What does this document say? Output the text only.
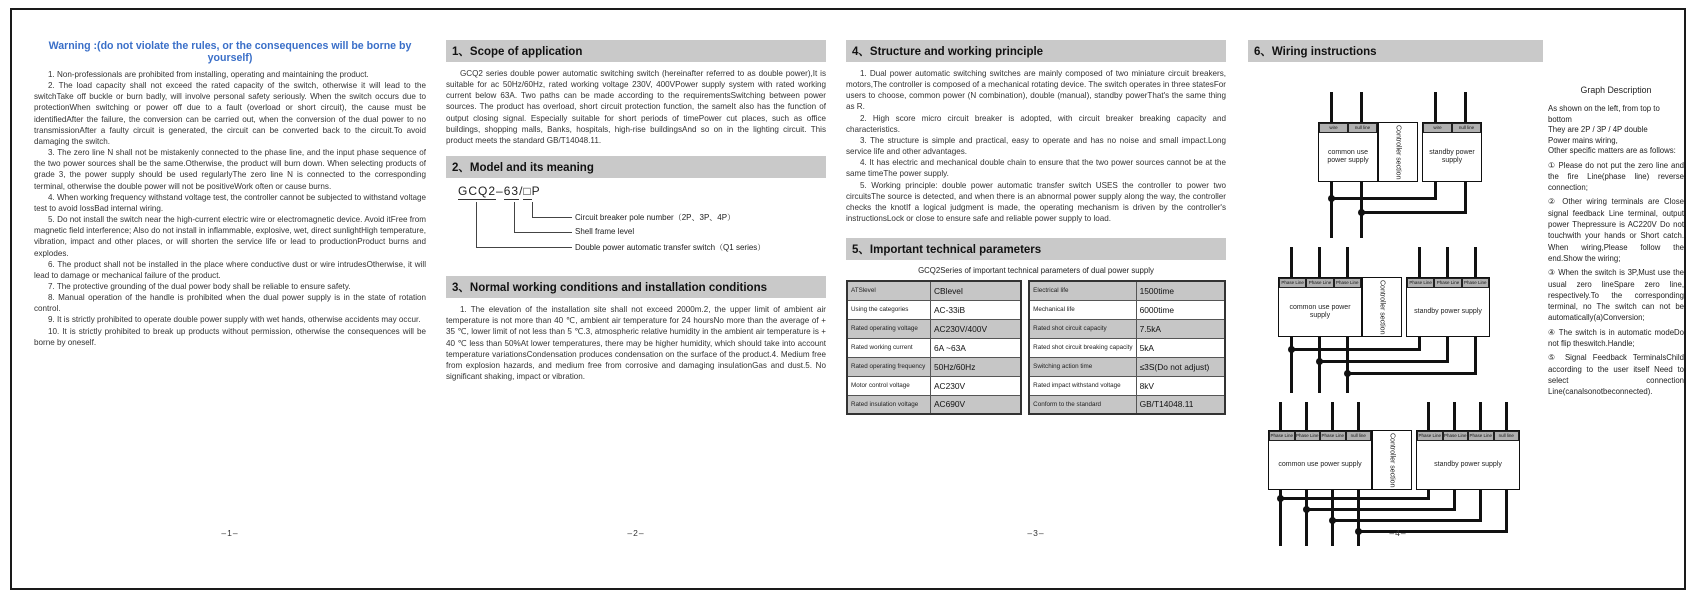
Warning :(do not violate the rules, or the consequences will be borne by yourself)

1. Non-professionals are prohibited from installing, operating and maintaining the product.

2. The load capacity shall not exceed the rated capacity of the switch, otherwise it will lead to the switchTake off buckle or burn badly, will involve personal safety seriously. When the switch occurs due to protectionWhen switching or power off due to a fault (overload or short circuit), the cause must be identifiedAfter the failure, the conversion can be carried out, when the conversion of the dual power to no transmissionAfter a faulty circuit is generated, the circuit can be converted back to the circuit.To avoid damaging the switch.

3. The zero line N shall not be mistakenly connected to the phase line, and the input phase sequence of the two power sources shall be the same.Otherwise, the product will burn down. When selecting products of grade 3, the power supply should be used regularlyThe zero line N is connected to the corresponding terminal, otherwise the double power will not be positiveWork often or cause burns.

4. When working frequency withstand voltage test, the controller cannot be subjected to withstand voltage test to avoid lossBad internal wiring.

5. Do not install the switch near the high-current electric wire or electromagnetic device. Avoid itFree from magnetic field interference; Also do not install in inflammable, explosive, wet, direct sunlightHigh temperature, vibration, impact and other places, or will shorten the service life or lead to productionProduct burns and explodes.

6. The product shall not be installed in the place where conductive dust or wire intrudesOtherwise, it will lead to damage or mechanical failure of the product.

7. The protective grounding of the dual power body shall be reliable to ensure safety.

8. Manual operation of the handle is prohibited when the dual power supply is in the state of rotation control.

9. It is strictly prohibited to operate double power supply with wet hands, otherwise accidents may occur.

10. It is strictly prohibited to break up products without permission, otherwise the consequences will be borne by oneself.

–1–
1、Scope of application

GCQ2 series double power automatic switching switch (hereinafter referred to as double power),It is suitable for ac 50Hz/60Hz, rated working voltage 230V, 400VPower supply system with rated working current below 63A. Two paths can be made according to the requirementsSwitching between power sources. The product has overload, short circuit protection function, the sameIt also has the function of output closing signal. Especially suitable for short periods of timePower cut places, such as office buildings, shopping malls, Banks, hospitals, high-rise buildingsAnd so on in the lighting circuit. This product meets the standard GB/T14048.11.

2、Model and its meaning
GCQ2–63/□P
Circuit breaker pole number（2P、3P、4P）
Shell frame level
Double power automatic transfer switch（Q1 series）
3、Normal working conditions and installation conditions

1. The elevation of the installation site shall not exceed 2000m.2, the upper limit of ambient air temperature is not more than 40 ℃, ambient air temperature for 24 hoursNo more than the average of + 35 ℃, lower limit of not less than 5 ℃.3, atmospheric relative humidity in the ambient air temperature is + 40 ℃ less than 50%At lower temperatures, there may be higher humidity, which should take into account temperature variationsCondensation produces condensation on the surface of the product.4. Medium free from explosion hazards, and medium free from corrosive and damaging insulationGas and dust.5. No significant shaking, impact or vibration.

–2–
4、Structure and working principle

1. Dual power automatic switching switches are mainly composed of two miniature circuit breakers, motors,The controller is composed of a mechanical rotating device. The switch operates in three statesFor users to choose, common power (N combination), double (manual), standby powerThat's the same thing as R.

2. High score micro circuit breaker is adopted, with circuit breaker breaking capacity and characteristics.

3. The structure is simple and practical, easy to operate and has no noise and small impact.Long service life and other advantages.

4. It has electric and mechanical double chain to ensure that the two power sources cannot be at the same timeThe power supply.

5. Working principle: double power automatic transfer switch USES the controller to power two circuitsThe source is detected, and when there is an abnormal power supply along the way, the controller checks the knotIf a logical judgment is made, the operating mechanism is driven by the controller's instructionsLock or close to ensure safe and reliable power supply to load.

5、Important technical parameters
GCQ2Series of important technical parameters of dual power supply
ATSlevel	CBlevel
Using the categories	AC-33iB
Rated operating voltage	AC230V/400V
Rated working current	6A ~63A
Rated operating frequency	50Hz/60Hz
Motor control voltage	AC230V
Rated insulation voltage	AC690V
Electrical life	1500time
Mechanical life	6000time
Rated shot circuit capacity	7.5kA
Rated shot circuit breaking capacity	5kA
Switching action time	≤3S(Do not adjust)
Rated impact withstand voltage	8kV
Conform to the standard	GB/T14048.11
–3–
6、Wiring instructions
wire	null line
common use power supply	Controller section	wire	null line
standby power supply
Phase Line	Phase Line	Phase Line
common use power supply	Controller section	Phase Line	Phase Line	Phase Line
standby power supply
Phase Line Phase Line Phase Line	null line
common use power supply	Controller section	Phase Line Phase Line Phase Line	null line
standby power supply
Graph Description
As shown on the left, from top to bottom
They are 2P / 3P / 4P double
Power mains wiring,
Other specific matters are as follows:
① Please do not put the zero line and the fire Line(phase line) reverse connection;
② Other wiring terminals are Close signal feedback Line terminal, output power Thepressure is AC220V Do not touchwith your hands or Short catch. When wiring,Please follow the end.Show the wiring;
③ When the switch is 3P,Must use the usual zero lineSpare zero line, respectively.To the corresponding terminal, no The switch can not be automatically(a)Conversion;
④ The switch is in automatic modeDo not flip theswitch.Handle;
⑤ Signal Feedback TerminalsChild according to the user itself Need to select connection Line(canalsonotbeconnected).
–4–
